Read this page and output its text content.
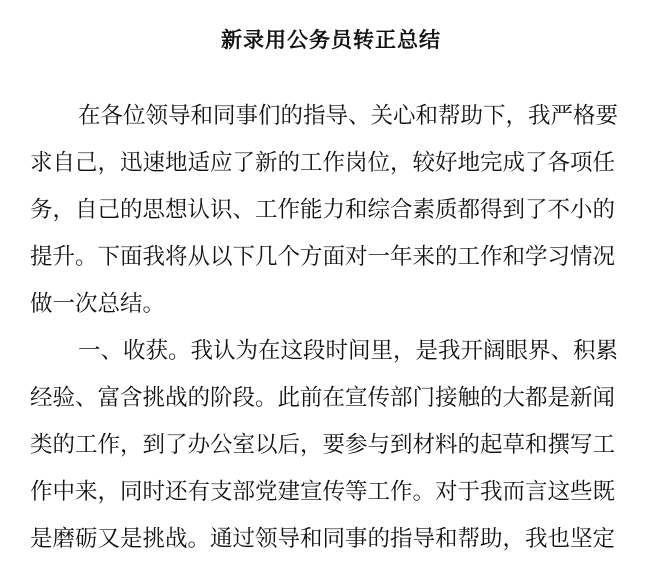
新录用公务员转正总结
在各位领导和同事们的指导、关心和帮助下，我严格要
求自己，迅速地适应了新的工作岗位，较好地完成了各项任
务，自己的思想认识、工作能力和综合素质都得到了不小的
提升。下面我将从以下几个方面对一年来的工作和学习情况
做一次总结。
一、收获。我认为在这段时间里，是我开阔眼界、积累
经验、富含挑战的阶段。此前在宣传部门接触的大都是新闻
类的工作，到了办公室以后，要参与到材料的起草和撰写工
作中来，同时还有支部党建宣传等工作。对于我而言这些既
是磨砺又是挑战。通过领导和同事的指导和帮助，我也坚定
